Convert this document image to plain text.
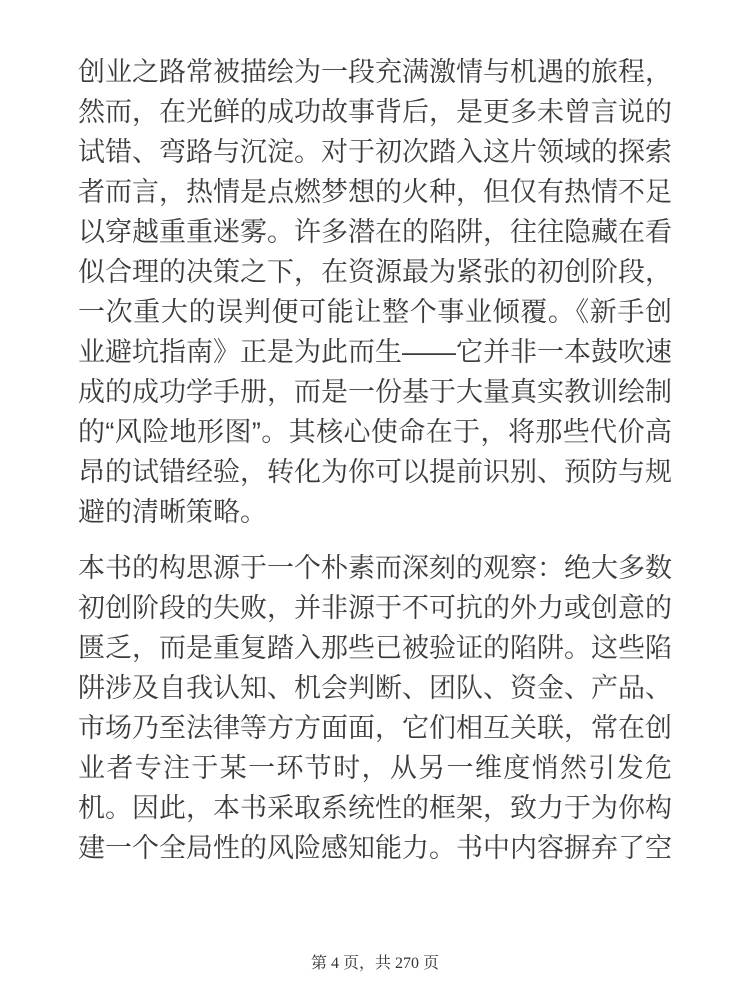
创业之路常被描绘为一段充满激情与机遇的旅程，然而，在光鲜的成功故事背后，是更多未曾言说的试错、弯路与沉淀。对于初次踏入这片领域的探索者而言，热情是点燃梦想的火种，但仅有热情不足以穿越重重迷雾。许多潜在的陷阱，往往隐藏在看似合理的决策之下，在资源最为紧张的初创阶段，一次重大的误判便可能让整个事业倾覆。《新手创业避坑指南》正是为此而生——它并非一本鼓吹速成的成功学手册，而是一份基于大量真实教训绘制的“风险地形图”。其核心使命在于，将那些代价高昂的试错经验，转化为你可以提前识别、预防与规避的清晰策略。

本书的构思源于一个朴素而深刻的观察：绝大多数初创阶段的失败，并非源于不可抗的外力或创意的匮乏，而是重复踏入那些已被验证的陷阱。这些陷阱涉及自我认知、机会判断、团队、资金、产品、市场乃至法律等方方面面，它们相互关联，常在创业者专注于某一环节时，从另一维度悄然引发危机。因此，本书采取系统性的框架，致力于为你构建一个全局性的风险感知能力。书中内容摒弃了空

第 4 页，共 270 页
